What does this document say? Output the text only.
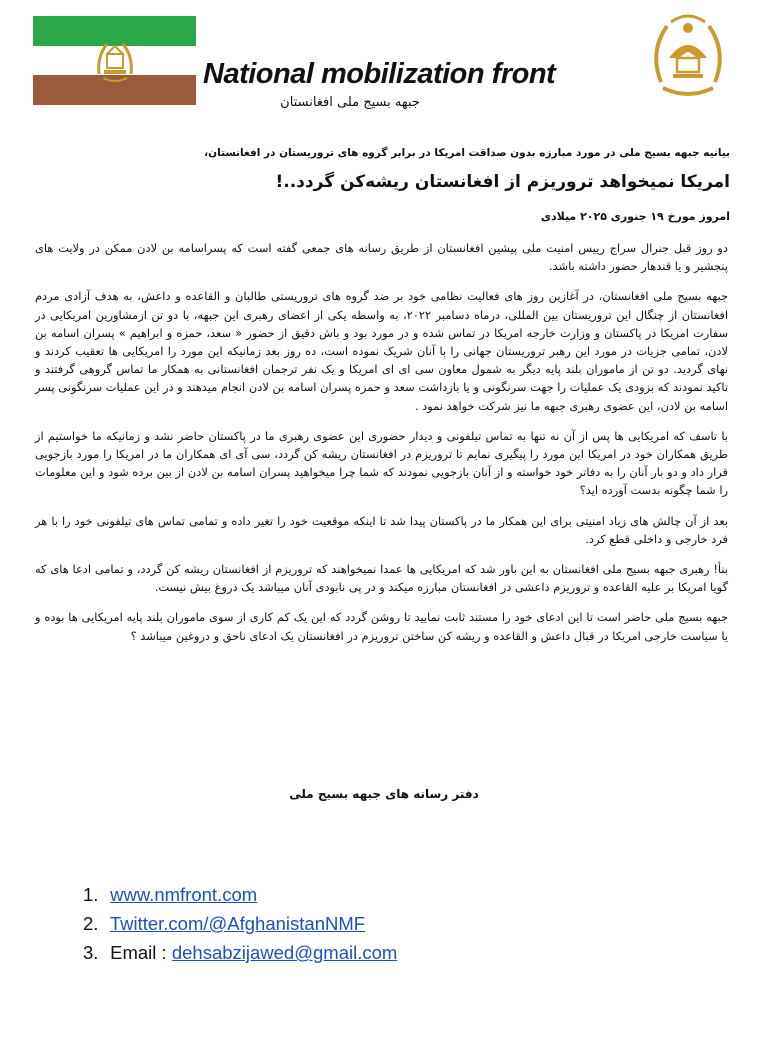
National mobilization front
جبهه بسیج ملی افغانستان
بیانیه جبهه بسیج ملی در مورد مبارزه بدون صداقت امریکا در برابر گروه های تروریستان در افغانستان،
امریکا نمیخواهد تروریزم از افغانستان ریشه‌کن گردد..!
امروز مورخ ۱۹ جنوری ۲۰۲۵ میلادی

دو روز قبل جنرال سراج رییس امنیت ملی پیشین افغانستان از طریق رسانه های جمعی گفته است که پسراسامه بن لادن ممکن در ولایت های پنجشیر و یا قندهار حضور داشته باشد.

جبهه بسیج ملی افغانستان، در آغازین روز های فعالیت نظامی خود بر ضد گروه های تروریستی طالبان و القاعده و داعش، به هدف آزادی مردم افغانستان از چنگال این تروریستان بین المللی، درماه دسامبر ۲۰۲۲، به واسطه یکی از اعضای رهبری این جبهه، با دو تن ازمشاورین امریکایی در سفارت امریکا در پاکستان و وزارت خارجه امریکا در تماس شده و در مورد بود و باش دقیق از حضور « سعد، حمزه و ابراهیم » پسران اسامه بن لادن، تمامی جزیات در مورد این رهبر تروریستان جهانی را با آنان شریک نموده است، ده روز بعد زمانیکه این مورد را امریکایی ها تعقیب کردند و نهای گردید. دو تن از ماموران بلند پایه دیگر به شمول معاون سی ای ای امریکا و یک نفر ترجمان افغانستانی به همکار ما تماس گروهی گرفتند و تاکید نمودند که بزودی یک عملیات را جهت سرنگونی و یا بازداشت سعد و حمزه پسران اسامه بن لادن انجام میدهند و در این عملیات سرنگونی پسر اسامه بن لادن، این عضوی رهبری جبهه ما نیز شرکت خواهد نمود .

با تاسف که امریکایی ها پس از آن نه تنها به تماس تیلفونی و دیدار حضوری این عضوی رهبری ما در پاکستان حاضر نشد و زمانیکه ما خواستیم از طریق همکاران خود در امریکا این مورد را پیگیری نمایم تا تروریزم در افغانستان ریشه کن گردد، سی آی ای همکاران ما در امریکا را مورد بازجویی قرار داد و دو بار آنان را به دفاتر خود خواسته و از آنان بازجویی نمودند که شما چرا میخواهید پسران اسامه بن لادن از بین برده شود و این معلومات را شما چگونه بدست آورده اید؟

بعد از آن چالش های زیاد امنیتی برای این همکار ما در پاکستان پیدا شد تا اینکه موقعیت خود را تغیر داده و تمامی تماس های تیلفونی خود را با هر فرد خارجی و داخلی قطع کرد.

بنأ! رهبری جبهه بسیج ملی افغانستان به این باور شد که امریکایی ها عمدا نمیخواهند که تروریزم از افغانستان ریشه کن گردد، و تمامی ادعا های که گویا امریکا بر علیه القاعده و تروریزم داعشی در افغانستان مبارزه میکند و در پی نابودی آنان میباشد یک دروغ بیش نیست.

جبهه بسیج ملی حاضر است تا این ادعای خود را مستند ثابت نمایید تا روشن گردد که این یک کم کاری از سوی ماموران بلند پایه امریکایی ها بوده و یا سیاست خارجی امریکا در قبال داعش و القاعده و ریشه کن ساختن تروریزم در افغانستان یک ادعای ناحق و دروغین میباشد ؟

دفتر رسانه های جبهه بسیج ملی
1. www.nmfront.com
2. Twitter.com/@AfghanistanNMF
3. Email : dehsabzijawed@gmail.com
